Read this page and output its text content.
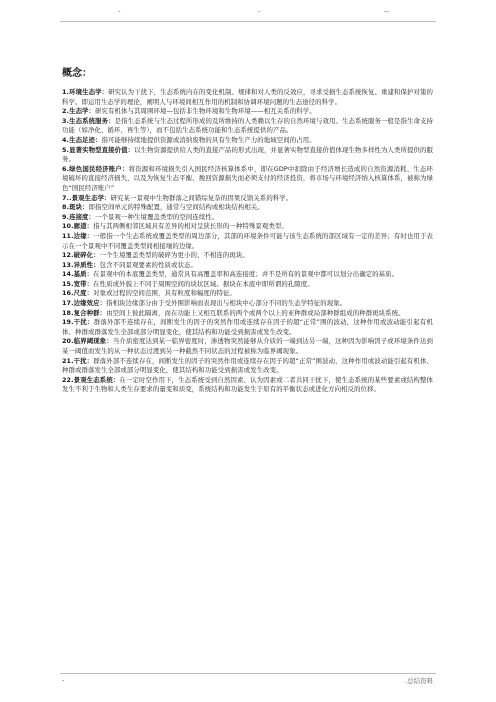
-	-	--

概念：

1.环境生态学：研究认为干扰下，生态系统内在的变化机制、规律和对人类的反效应，寻求受损生态系统恢复、重建和保护对策的科学。即运用生态学的理论，阐明人与环境间相互作用的机制和协调环境问题的生态途径的科学。

2.生态学：研究有机体与其周围环境—包括非生物环境和生物环境——相互关系的科学。

3.生态系统服务：是指生态系统与生态过程所形成的及所维持的人类赖以生存的自然环境与效用。生态系统服务一般是指生命支持功能（如净化、循环、再生等），而不包括生态系统功能和生态系统提供的产品。

4.生态足迹：指可能够持续地提供资源或消纳废物的具有生物生产力的地域空间的占用。

5.显著实物型直接价值：以生物资源提供给人类的直接产品的形式出现，并显著实物型直接价值体现生物多样性为人类所提供的服务。

6.绿色国民经济账户：将资源和环境损失引入国民经济核算体系中，即在GDP中扣除由于经济增长造成的自然资源消耗、生态环境破坏的直接经济损失，以及为恢复生态平衡、挽回资源损失而必须支付的经济投资，将市场与环境经济纳入核算体系，被称为绿色“国民经济账户”

7..景观生态学：研究某一景观中生物群落之间错综复杂的因果反馈关系的科学。

8.斑块：即指空间单元的特殊配置，通常与空间结构或相块结构相关。

9.连接度：一个景观一种生境覆盖类型的空间连续性。

10.廊道：指与其两侧相邻区域具有差异的相对呈狭长形的一种特殊景观类型。

11.边缘：一般指一个生态系统或覆盖类型的周边部分，其部的环境条件可能与该生态系统的部区域有一定的差异；有时也用于表示在一个景观中不同覆盖类型间相接壤的边缘。

12.破碎化：一个生境覆盖类型的破碎为更小的、不相连的斑块。

13.异质性：包含不同景观要素的性质或状态。

14.基质：在景观中的本底覆盖类型，通常具有高覆盖率和高连接度；并不是所有的景观中都可以划分出确定的基质。

15.宽带：在性质或外貌上不同于周围空间的块状区域。据块在本底中即所谓的孔隙度。

16.尺度：对象或过程的空间范围，具有粒度和幅度的特征。

17.边缘效应：指相块边缘部分由于受外围影响而表现出与相块中心部分不同的生态学特征的现象。

18.复合种群：由空间上彼此隔离，而在功能上又相互联系的两个或两个以上的亚种群或局部种群组成的种群斑块系统。

19.干扰：群落外部不连续存在，间断发生的因子的突然作用或连续存在因子的超“正常”围的波动，这种作用或波动能引起有机体、种群或群落发生全部或部分明显变化，使其结构和功能受到损害或发生改变。

20.临界阈现象：当介质密度达到某一临界密度时，渗透物突然能够从介质的一端到达另一端，这种因为影响因子或环境条件达到某一阈值而发生的从一种状态过渡到另一种截然不同状态的过程被称为临界阈现象。

21.干扰：群落外部不连续存在，间断发生的因子的突然作用或连续存在因子的超“正常”围波动，这种作用或波动能引起有机体、种群或群落发生全部或部分明显变化，使其结构和功能受到损害或发生改变。

22.景观生态系统：在一定时空作用下，生态系统受到自然因素、认为因素或二者共同干扰下，使生态系统的某些要素或结构整体发生不利于生物和人类生存要求的量变和质变，系统结构和功能发生于原有的平衡状态或进化方向相反的位移。

-	.总结资料
